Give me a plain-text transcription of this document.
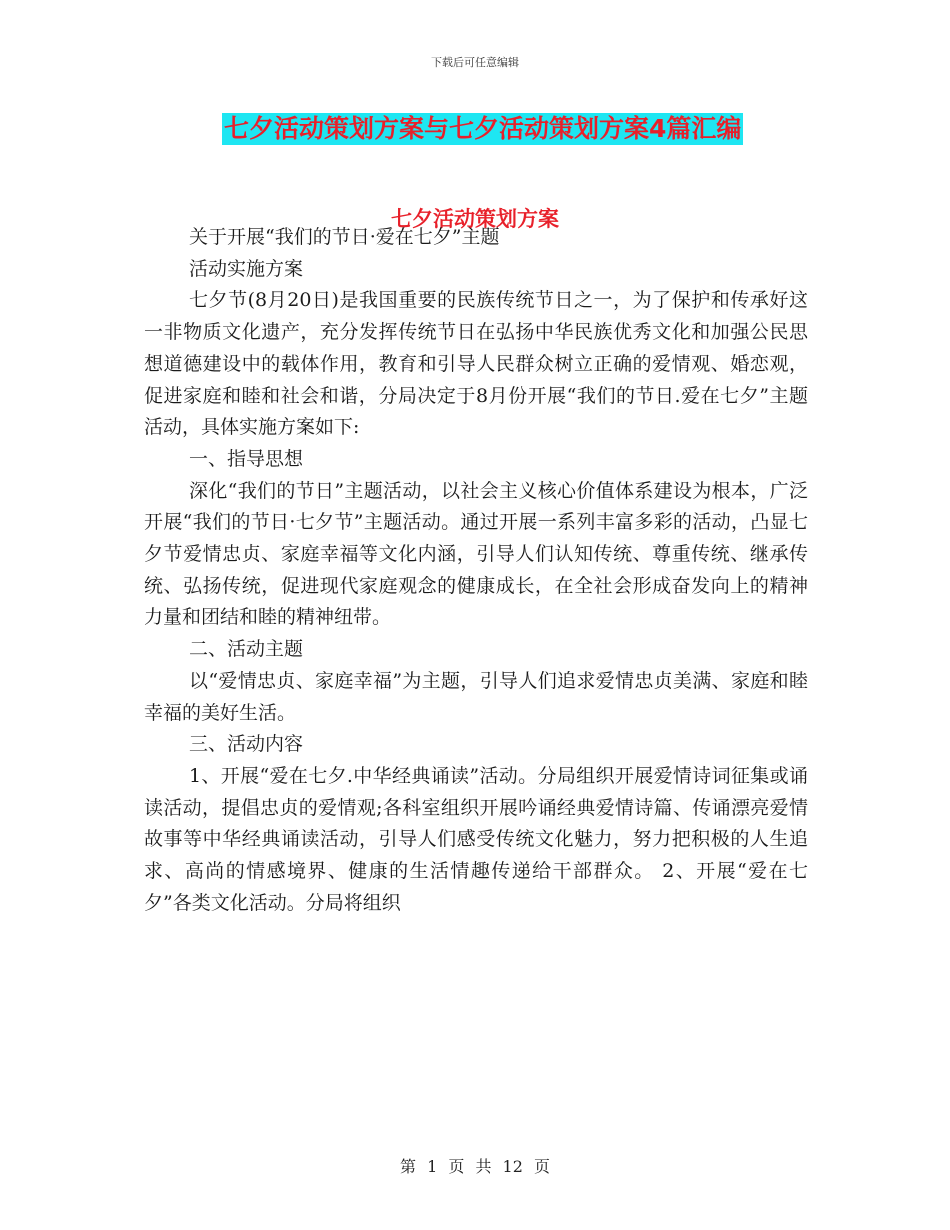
下载后可任意编辑
七夕活动策划方案与七夕活动策划方案4篇汇编
七夕活动策划方案

关于开展“我们的节日·爱在七夕”主题

活动实施方案

七夕节(8月20日)是我国重要的民族传统节日之一，为了保护和传承好这一非物质文化遗产，充分发挥传统节日在弘扬中华民族优秀文化和加强公民思想道德建设中的载体作用，教育和引导人民群众树立正确的爱情观、婚恋观，促进家庭和睦和社会和谐，分局决定于8月份开展“我们的节日.爱在七夕”主题活动，具体实施方案如下:

一、指导思想

深化“我们的节日”主题活动，以社会主义核心价值体系建设为根本，广泛开展“我们的节日·七夕节”主题活动。通过开展一系列丰富多彩的活动，凸显七夕节爱情忠贞、家庭幸福等文化内涵，引导人们认知传统、尊重传统、继承传统、弘扬传统，促进现代家庭观念的健康成长，在全社会形成奋发向上的精神力量和团结和睦的精神纽带。

二、活动主题

以“爱情忠贞、家庭幸福”为主题，引导人们追求爱情忠贞美满、家庭和睦幸福的美好生活。

三、活动内容

1、开展“爱在七夕.中华经典诵读”活动。分局组织开展爱情诗词征集或诵读活动，提倡忠贞的爱情观;各科室组织开展吟诵经典爱情诗篇、传诵漂亮爱情故事等中华经典诵读活动，引导人们感受传统文化魅力，努力把积极的人生追求、高尚的情感境界、健康的生活情趣传递给干部群众。 2、开展“爱在七夕”各类文化活动。分局将组织

第 1 页 共 12 页
